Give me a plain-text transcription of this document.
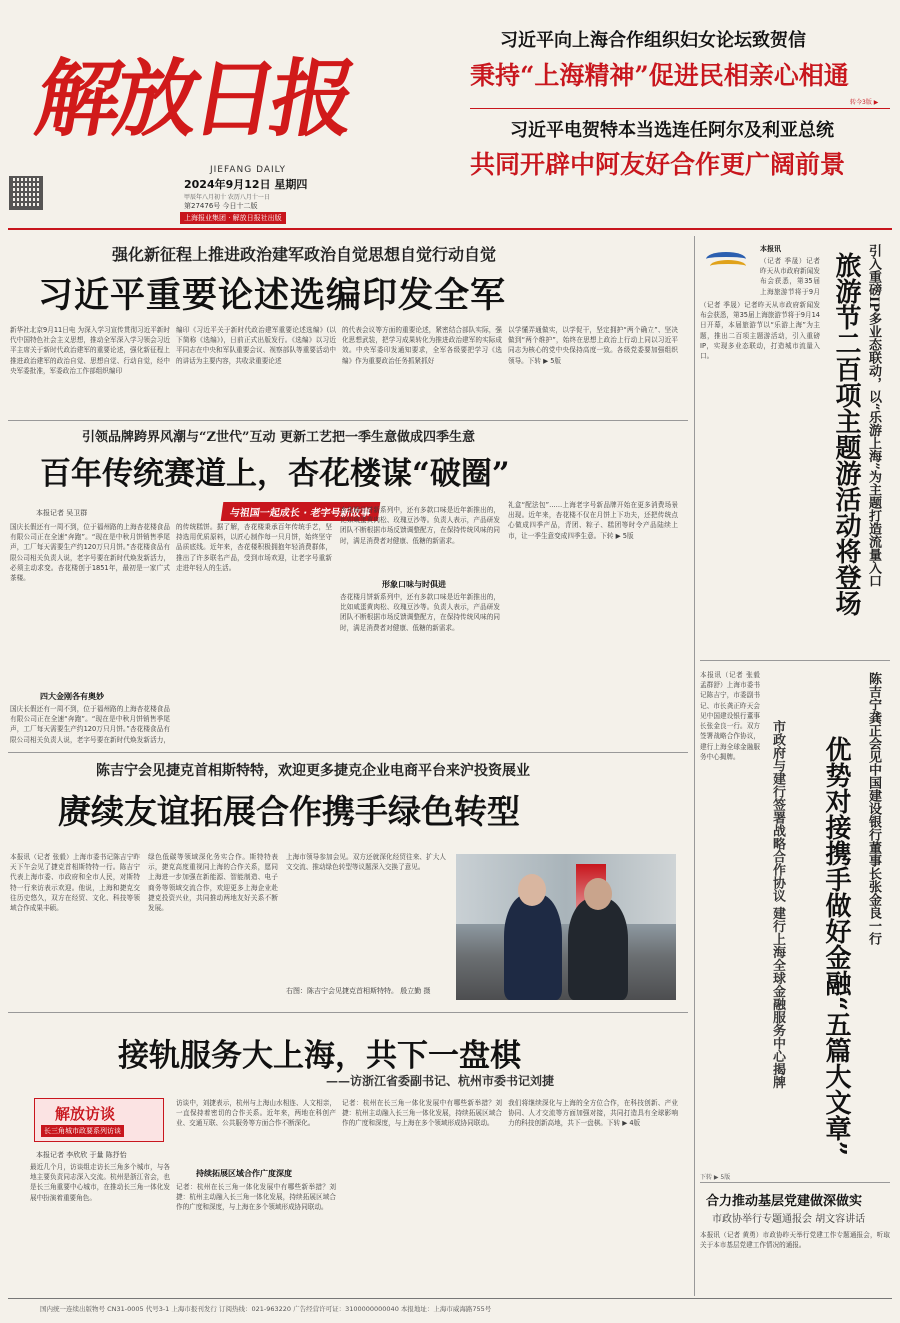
解放日报
JIEFANG DAILY
2024年9月12日 星期四
甲辰年八月初十 农历八月十一日
第27476号 今日十二版
上海报业集团 · 解放日报社出版
习近平向上海合作组织妇女论坛致贺信
秉持“上海精神”促进民相亲心相通
转今3版 ▶
习近平电贺特本当选连任阿尔及利亚总统
共同开辟中阿友好合作更广阔前景
强化新征程上推进政治建军政治自觉思想自觉行动自觉
习近平重要论述选编印发全军
新华社北京9月11日电 为深入学习宣传贯彻习近平新时代中国特色社会主义思想，推动全军深入学习领会习近平主席关于新时代政治建军的重要论述，强化新征程上推进政治建军的政治自觉、思想自觉、行动自觉，经中央军委批准，军委政治工作部组织编印
编印《习近平关于新时代政治建军重要论述选编》(以下简称《选编》)，日前正式出版发行。《选编》以习近平同志在中央和军队重要会议、视察部队等重要活动中的讲话为主要内容，共收录重要论述
的代表会议等方面的重要论述，紧密结合部队实际，强化思想武装，把学习成果转化为推进政治建军的实际成效。中央军委印发通知要求，全军各级要把学习《选编》作为重要政治任务抓紧抓好
以学懂弄通做实，以学促干，坚定拥护“两个确立”、坚决做到“两个维护”，始终在思想上政治上行动上同以习近平同志为核心的党中央保持高度一致。各级党委要加强组织领导。下转 ▶ 5版
引领品牌跨界风潮与“Z世代”互动 更新工艺把一季生意做成四季生意
百年传统赛道上，杏花楼谋“破圈”
与祖国一起成长 · 老字号新故事
本报记者 吴卫群
国庆长假还有一周不到，位于福州路的上海杏花楼食品有限公司正在全速“奔跑”。“现在是中秋月饼销售季尾声，工厂每天需要生产约120万只月饼。”杏花楼食品有限公司相关负责人说，老字号要在新时代焕发新活力，必须主动求变。杏花楼创于1851年，最初是一家广式茶楼。
四大金刚各有奥妙
国庆长假还有一周不到，位于福州路的上海杏花楼食品有限公司正在全速“奔跑”。“现在是中秋月饼销售季尾声，工厂每天需要生产约120万只月饼。”杏花楼食品有限公司相关负责人说，老字号要在新时代焕发新活力，
的传统糕饼。据了解，杏花楼秉承百年传统手艺，坚持选用优质原料，以匠心制作每一只月饼，始终坚守品质底线。近年来，杏花楼积极拥抱年轻消费群体，推出了许多联名产品，受到市场欢迎，让老字号重新走进年轻人的生活。
杏花楼月饼新系列中，还有多款口味是近年新推出的，比如咸蛋黄肉松、玫瑰豆沙等。负责人表示，产品研发团队不断根据市场反馈调整配方，在保持传统风味的同时，满足消费者对健康、低糖的新需求。
形象口味与时俱进
杏花楼月饼新系列中，还有多款口味是近年新推出的，比如咸蛋黄肉松、玫瑰豆沙等。负责人表示，产品研发团队不断根据市场反馈调整配方，在保持传统风味的同时，满足消费者对健康、低糖的新需求。
礼盒“配法包”……上海老字号新品牌开始在更多消费场景出现。近年来，杏花楼不仅在月饼上下功夫，还把传统点心做成四季产品，青团、粽子、糕团等时令产品陆续上市，让一季生意变成四季生意。下转 ▶ 5版
陈吉宁会见捷克首相斯特特，欢迎更多捷克企业电商平台来沪投资展业
赓续友谊拓展合作携手绿色转型
本报讯（记者 张毅）上海市委书记陈吉宁昨天下午会见了捷克首相斯特特一行。陈吉宁代表上海市委、市政府和全市人民，对斯特特一行来访表示欢迎。他说，上海和捷克交往历史悠久，双方在经贸、文化、科技等领域合作成果丰硕。
绿色低碳等领域深化务实合作。斯特特表示，捷克高度重视同上海的合作关系，愿同上海进一步加强在新能源、智能制造、电子商务等领域交流合作，欢迎更多上海企业赴捷克投资兴业，共同推动两地友好关系不断发展。
上海市领导参加会见。双方还就深化经贸往来、扩大人文交流、推动绿色转型等议题深入交换了意见。
右图：陈吉宁会见捷克首相斯特特。 殷立勤 摄
接轨服务大上海，共下一盘棋
——访浙江省委副书记、杭州市委书记刘捷
解放访谈
长三角城市政要系列访谈
本报记者 李欣欣 于量 陈抒怡
最近几个月，访谈组走访长三角多个城市，与各地主要负责同志深入交流。杭州是浙江省会，也是长三角重要中心城市，在推动长三角一体化发展中扮演着重要角色。
访谈中，刘捷表示，杭州与上海山水相连、人文相亲，一直保持着密切的合作关系。近年来，两地在科创产业、交通互联、公共服务等方面合作不断深化。
持续拓展区域合作广度深度
记者：杭州在长三角一体化发展中有哪些新举措？刘捷：杭州主动融入长三角一体化发展，持续拓展区域合作的广度和深度，与上海在多个领域形成协同联动。
记者：杭州在长三角一体化发展中有哪些新举措？刘捷：杭州主动融入长三角一体化发展，持续拓展区域合作的广度和深度，与上海在多个领域形成协同联动。
我们将继续深化与上海的全方位合作，在科技创新、产业协同、人才交流等方面加强对接，共同打造具有全球影响力的科技创新高地，共下一盘棋。下转 ▶ 4版
本报讯
（记者 季晟）记者昨天从市政府新闻发布会获悉，第35届上海旅游节将于9月
（记者 季晟）记者昨天从市政府新闻发布会获悉，第35届上海旅游节将于9月14日开幕，本届旅游节以“乐游上海”为主题，推出二百项主题游活动，引入重磅IP，实现多业态联动，打造城市流量入口。	旅游节二百项主题游活动将登场 引入重磅IP多业态联动，以“乐游上海”为主题打造流量入口
本报讯（记者 张毅 孟群舒）上海市委书记陈吉宁，市委副书记、市长龚正昨天会见中国建设银行董事长张金良一行。双方签署战略合作协议，建行上海全球金融服务中心揭牌。	市政府与建行签署战略合作协议 建行上海全球金融服务中心揭牌 优势对接携手做好金融“五篇大文章”	陈吉宁龚正会见中国建设银行董事长张金良一行
下转 ▶ 5版
合力推动基层党建做深做实
市政协举行专题通报会 胡文容讲话
本报讯（记者 黄勇）市政协昨天举行党建工作专题通报会，听取关于本市基层党建工作情况的通报。
国内统一连续出版物号 CN31-0005 代号3-1 上海市报刊发行 订阅热线：021-963220 广告经营许可证：3100000000040 本报地址：上海市威海路755号
